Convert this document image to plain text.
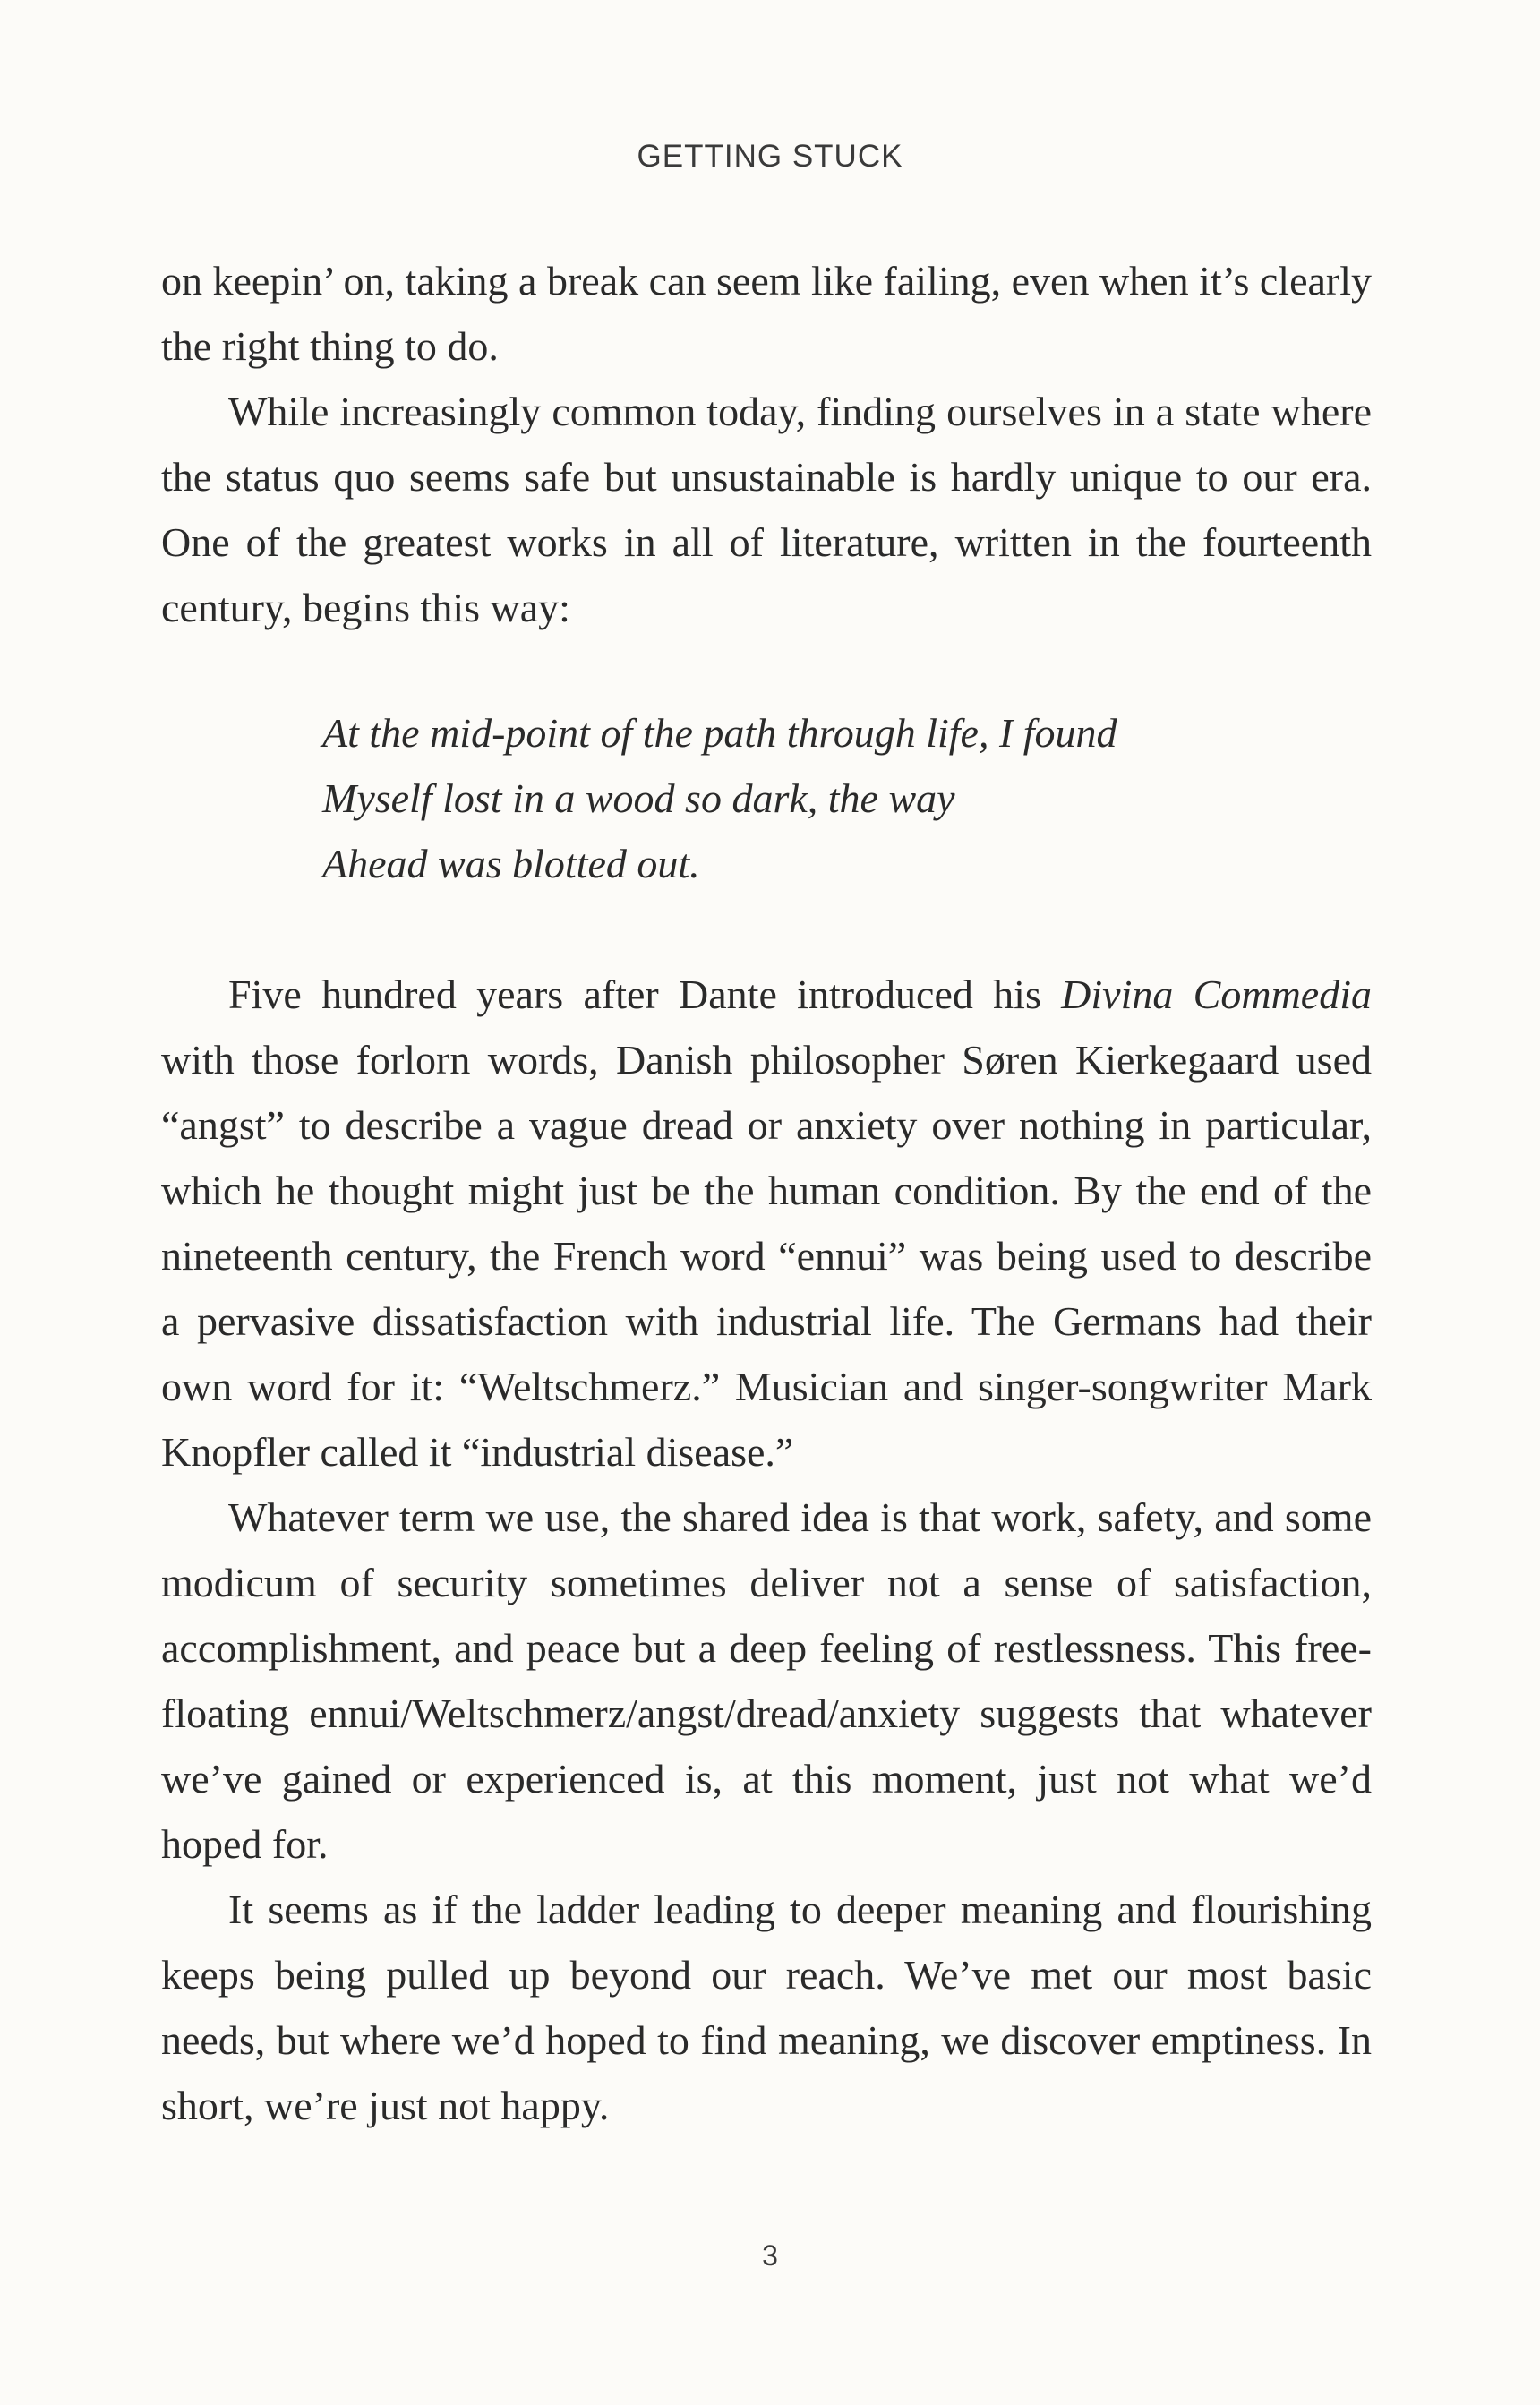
GETTING STUCK

on keepin’ on, taking a break can seem like failing, even when it’s clearly the right thing to do.

While increasingly common today, finding ourselves in a state where the status quo seems safe but unsustainable is hardly unique to our era. One of the greatest works in all of literature, written in the fourteenth century, begins this way:

At the mid-point of the path through life, I found
Myself lost in a wood so dark, the way
Ahead was blotted out.

Five hundred years after Dante introduced his Divina Commedia with those forlorn words, Danish philosopher Søren Kierkegaard used “angst” to describe a vague dread or anxiety over nothing in particular, which he thought might just be the human condition. By the end of the nineteenth century, the French word “ennui” was being used to describe a pervasive dissatisfaction with industrial life. The Germans had their own word for it: “Weltschmerz.” Musician and singer-songwriter Mark Knopfler called it “industrial disease.”

Whatever term we use, the shared idea is that work, safety, and some modicum of security sometimes deliver not a sense of satisfaction, accomplishment, and peace but a deep feeling of restlessness. This free-floating ennui/Weltschmerz/angst/dread/anxiety suggests that whatever we’ve gained or experienced is, at this moment, just not what we’d hoped for.

It seems as if the ladder leading to deeper meaning and flourishing keeps being pulled up beyond our reach. We’ve met our most basic needs, but where we’d hoped to find meaning, we discover emptiness. In short, we’re just not happy.

3
